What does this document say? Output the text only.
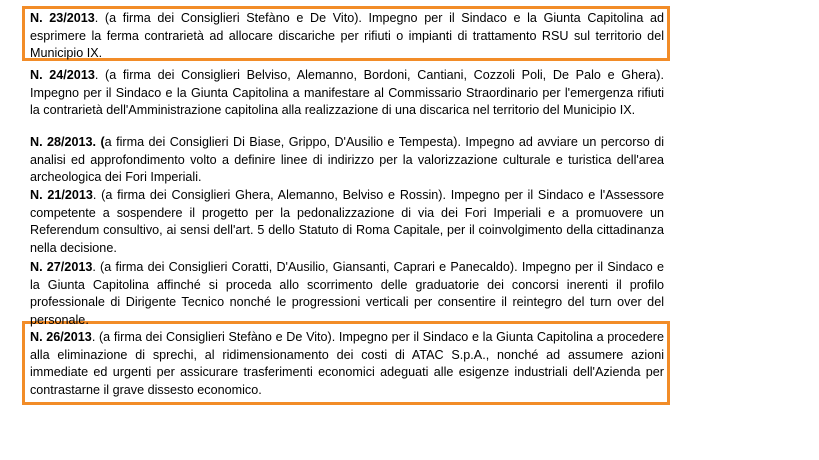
N. 23/2013. (a firma dei Consiglieri Stefàno e De Vito). Impegno per il Sindaco e la Giunta Capitolina ad esprimere la ferma contrarietà ad allocare discariche per rifiuti o impianti di trattamento RSU sul territorio del Municipio IX.

N. 24/2013. (a firma dei Consiglieri Belviso, Alemanno, Bordoni, Cantiani, Cozzoli Poli, De Palo e Ghera). Impegno per il Sindaco e la Giunta Capitolina a manifestare al Commissario Straordinario per l'emergenza rifiuti la contrarietà dell'Amministrazione capitolina alla realizzazione di una discarica nel territorio del Municipio IX.

N. 28/2013. (a firma dei Consiglieri Di Biase, Grippo, D'Ausilio e Tempesta). Impegno ad avviare un percorso di analisi ed approfondimento volto a definire linee di indirizzo per la valorizzazione culturale e turistica dell'area archeologica dei Fori Imperiali.

N. 21/2013. (a firma dei Consiglieri Ghera, Alemanno, Belviso e Rossin). Impegno per il Sindaco e l'Assessore competente a sospendere il progetto per la pedonalizzazione di via dei Fori Imperiali e a promuovere un Referendum consultivo, ai sensi dell'art. 5 dello Statuto di Roma Capitale, per il coinvolgimento della cittadinanza nella decisione.

N. 27/2013. (a firma dei Consiglieri Coratti, D'Ausilio, Giansanti, Caprari e Panecaldo). Impegno per il Sindaco e la Giunta Capitolina affinché si proceda allo scorrimento delle graduatorie dei concorsi inerenti il profilo professionale di Dirigente Tecnico nonché le progressioni verticali per consentire il reintegro del turn over del personale.

N. 26/2013. (a firma dei Consiglieri Stefàno e De Vito). Impegno per il Sindaco e la Giunta Capitolina a procedere alla eliminazione di sprechi, al ridimensionamento dei costi di ATAC S.p.A., nonché ad assumere azioni immediate ed urgenti per assicurare trasferimenti economici adeguati alle esigenze industriali dell'Azienda per contrastarne il grave dissesto economico.
